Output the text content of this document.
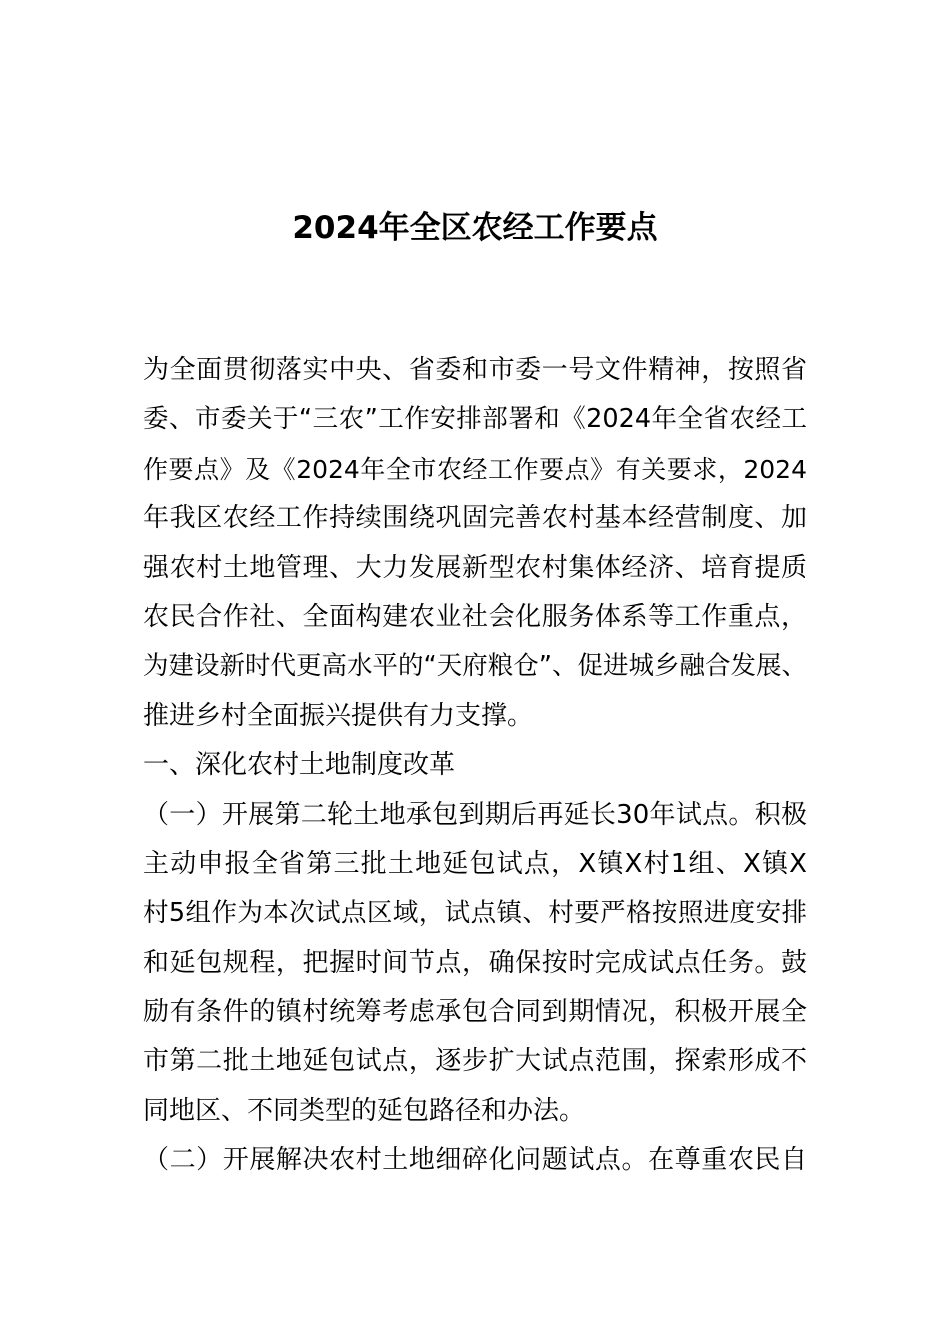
2024年全区农经工作要点
为全面贯彻落实中央、省委和市委一号文件精神，按照省
委、市委关于“三农”工作安排部署和《2024年全省农经工
作要点》及《2024年全市农经工作要点》有关要求，2024
年我区农经工作持续围绕巩固完善农村基本经营制度、加
强农村土地管理、大力发展新型农村集体经济、培育提质
农民合作社、全面构建农业社会化服务体系等工作重点，
为建设新时代更高水平的“天府粮仓”、促进城乡融合发展、
推进乡村全面振兴提供有力支撑。
一、深化农村土地制度改革
（一）开展第二轮土地承包到期后再延长30年试点。积极
主动申报全省第三批土地延包试点，X镇X村1组、X镇X
村5组作为本次试点区域，试点镇、村要严格按照进度安排
和延包规程，把握时间节点，确保按时完成试点任务。鼓
励有条件的镇村统筹考虑承包合同到期情况，积极开展全
市第二批土地延包试点，逐步扩大试点范围，探索形成不
同地区、不同类型的延包路径和办法。
（二）开展解决农村土地细碎化问题试点。在尊重农民自
